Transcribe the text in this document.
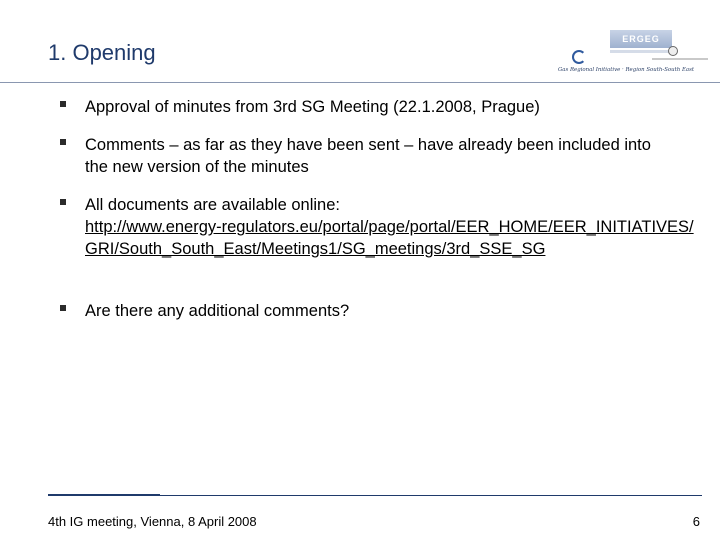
1. Opening
ERGEG
Gas Regional Initiative · Region South-South East
Approval of minutes from 3rd SG Meeting (22.1.2008, Prague)
Comments – as far as they have been sent – have already been included into the new version of the minutes
All documents are available online:
http://www.energy-regulators.eu/portal/page/portal/EER_HOME/EER_INITIATIVES/GRI/South_South_East/Meetings1/SG_meetings/3rd_SSE_SG
Are there any additional comments?
4th IG meeting, Vienna, 8 April 2008	6
